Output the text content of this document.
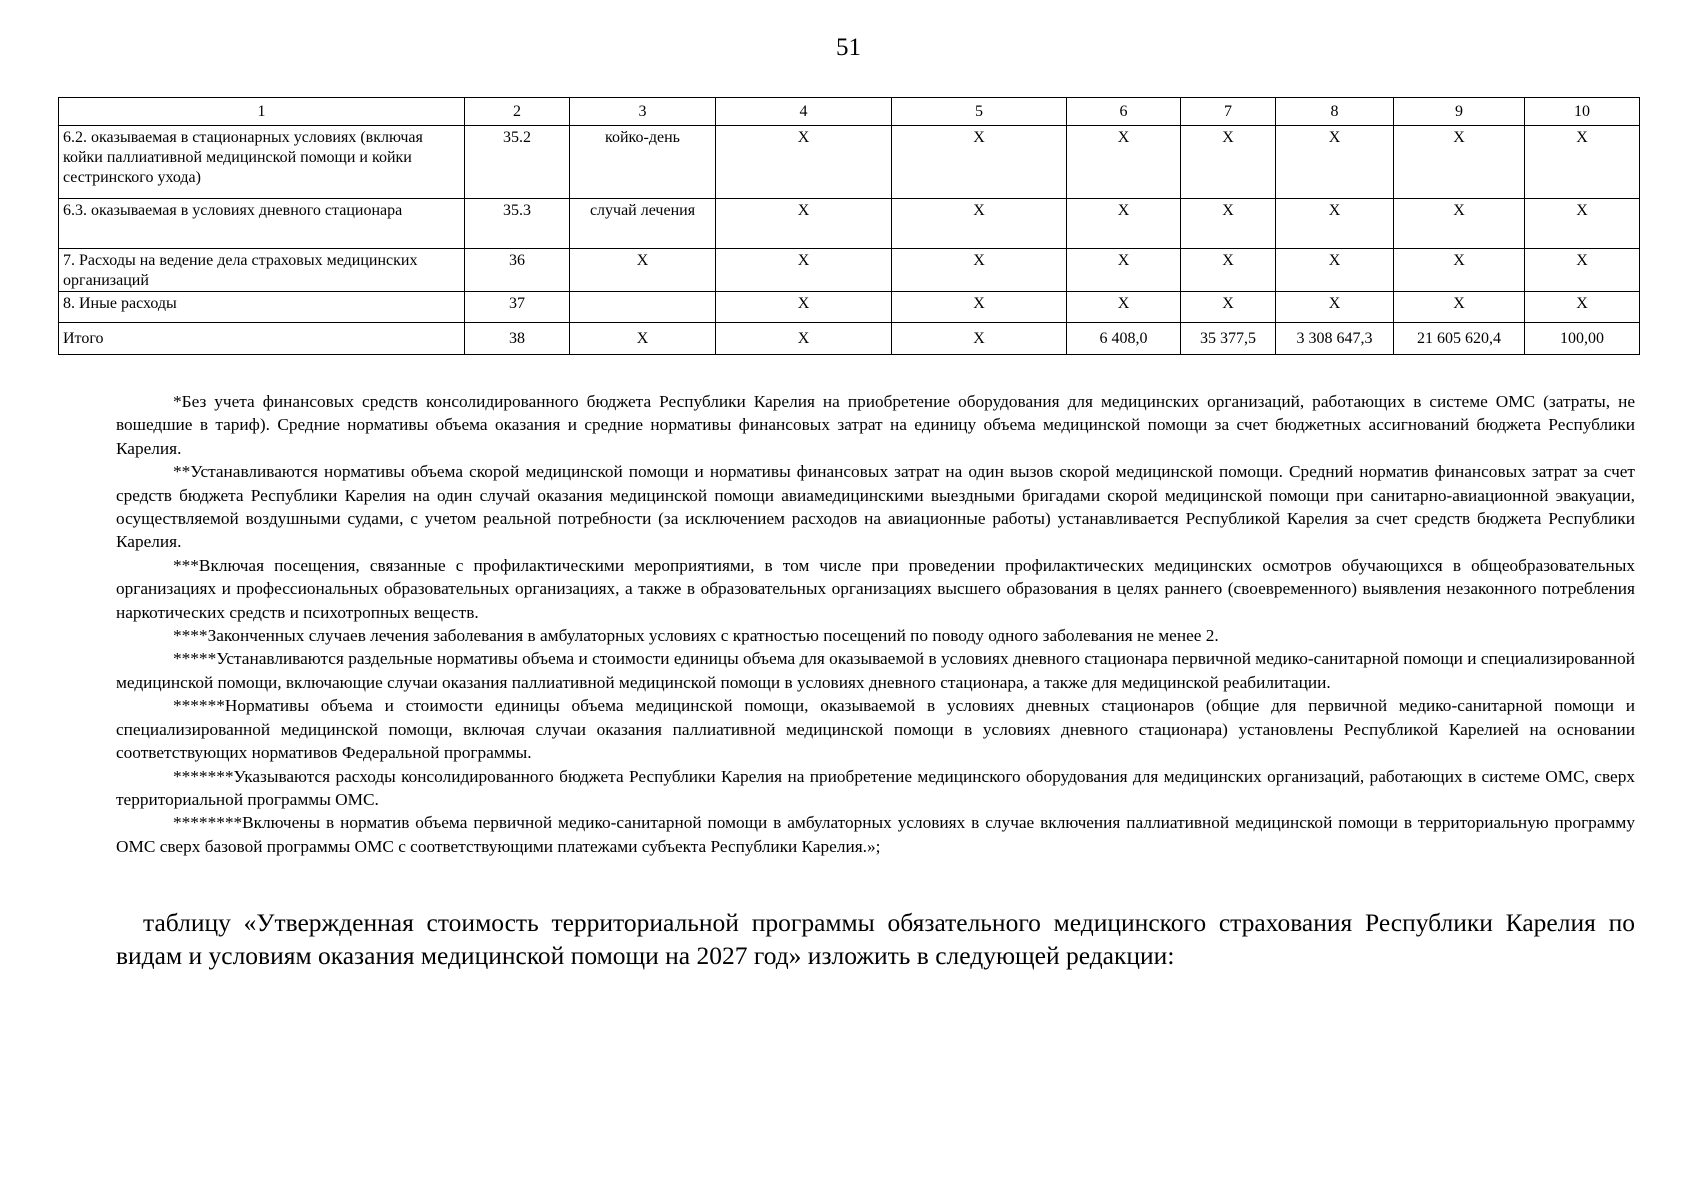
51
1	2	3	4	5	6	7	8	9	10
6.2. оказываемая в стационарных условиях (включая койки паллиативной медицинской помощи и койки сестринского ухода)	35.2	койко-день	X	X	X	X	X	X	X
6.3. оказываемая в условиях дневного стационара	35.3	случай лечения	X	X	X	X	X	X	X
7. Расходы на ведение дела страховых медицинских организаций	36	X	X	X	X	X	X	X	X
8. Иные расходы	37		X	X	X	X	X	X	X
Итого	38	X	X	X	6 408,0	35 377,5	3 308 647,3	21 605 620,4	100,00

*Без учета финансовых средств консолидированного бюджета Республики Карелия на приобретение оборудования для медицинских организаций, работающих в системе ОМС (затраты, не вошедшие в тариф). Средние нормативы объема оказания и средние нормативы финансовых затрат на единицу объема медицинской помощи за счет бюджетных ассигнований бюджета Республики Карелия.

**Устанавливаются нормативы объема скорой медицинской помощи и нормативы финансовых затрат на один вызов скорой медицинской помощи. Средний норматив финансовых затрат за счет средств бюджета Республики Карелия на один случай оказания медицинской помощи авиамедицинскими выездными бригадами скорой медицинской помощи при санитарно-авиационной эвакуации, осуществляемой воздушными судами, с учетом реальной потребности (за исключением расходов на авиационные работы) устанавливается Республикой Карелия за счет средств бюджета Республики Карелия.

***Включая посещения, связанные с профилактическими мероприятиями, в том числе при проведении профилактических медицинских осмотров обучающихся в общеобразовательных организациях и профессиональных образовательных организациях, а также в образовательных организациях высшего образования в целях раннего (своевременного) выявления незаконного потребления наркотических средств и психотропных веществ.

****Законченных случаев лечения заболевания в амбулаторных условиях с кратностью посещений по поводу одного заболевания не менее 2.

*****Устанавливаются раздельные нормативы объема и стоимости единицы объема для оказываемой в условиях дневного стационара первичной медико-санитарной помощи и специализированной медицинской помощи, включающие случаи оказания паллиативной медицинской помощи в условиях дневного стационара, а также для медицинской реабилитации.

******Нормативы объема и стоимости единицы объема медицинской помощи, оказываемой в условиях дневных стационаров (общие для первичной медико-санитарной помощи и специализированной медицинской помощи, включая случаи оказания паллиативной медицинской помощи в условиях дневного стационара) установлены Республикой Карелией на основании соответствующих нормативов Федеральной программы.

*******Указываются расходы консолидированного бюджета Республики Карелия на приобретение медицинского оборудования для медицинских организаций, работающих в системе ОМС, сверх территориальной программы ОМС.

********Включены в норматив объема первичной медико-санитарной помощи в амбулаторных условиях в случае включения паллиативной медицинской помощи в территориальную программу ОМС сверх базовой программы ОМС с соответствующими платежами субъекта Республики Карелия.»;

таблицу «Утвержденная стоимость территориальной программы обязательного медицинского страхования Республики Карелия по видам и условиям оказания медицинской помощи на 2027 год» изложить в следующей редакции:
